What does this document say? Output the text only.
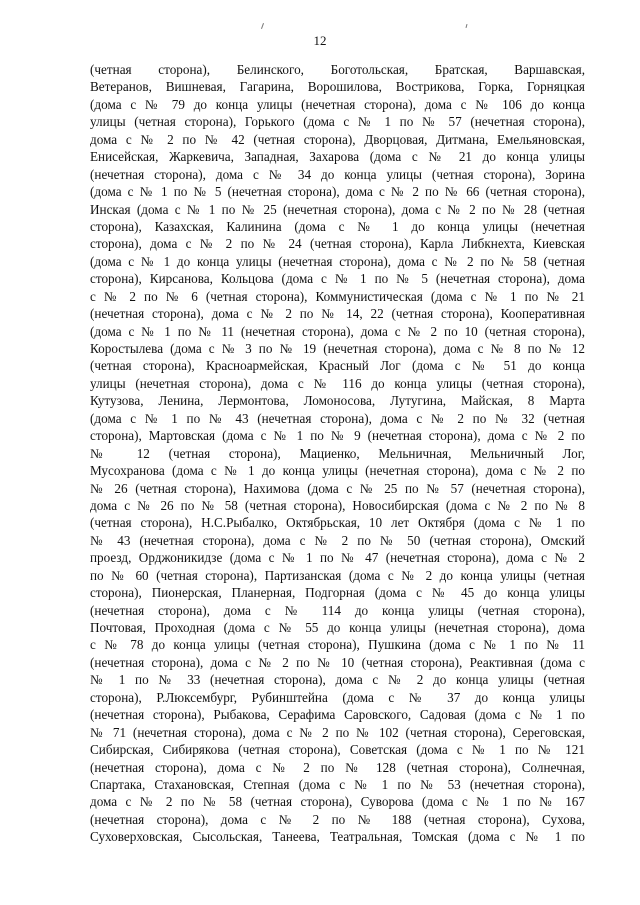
12
(четная сторона), Белинского, Боготольская, Братская, Варшавская,
Ветеранов, Вишневая, Гагарина, Ворошилова, Вострикова, Горка, Горняцкая
(дома с № 79 до конца улицы (нечетная сторона), дома с № 106 до конца
улицы (четная сторона), Горького (дома с № 1 по № 57 (нечетная сторона),
дома с № 2 по № 42 (четная сторона), Дворцовая, Дитмана, Емельяновская,
Енисейская, Жаркевича, Западная, Захарова (дома с № 21 до конца улицы
(нечетная сторона), дома с № 34 до конца улицы (четная сторона), Зорина
(дома с № 1 по № 5 (нечетная сторона), дома с № 2 по № 66 (четная сторона),
Инская (дома с № 1 по № 25 (нечетная сторона), дома с № 2 по № 28 (четная
сторона), Казахская, Калинина (дома с № 1 до конца улицы (нечетная
сторона), дома с № 2 по № 24 (четная сторона), Карла Либкнехта, Киевская
(дома с № 1 до конца улицы (нечетная сторона), дома с № 2 по № 58 (четная
сторона), Кирсанова, Кольцова (дома с № 1 по № 5 (нечетная сторона), дома
с № 2 по № 6 (четная сторона), Коммунистическая (дома с № 1 по № 21
(нечетная сторона), дома с № 2 по № 14, 22 (четная сторона), Кооперативная
(дома с № 1 по № 11 (нечетная сторона), дома с № 2 по 10 (четная сторона),
Коростылева (дома с № 3 по № 19 (нечетная сторона), дома с № 8 по № 12
(четная сторона), Красноармейская, Красный Лог (дома с № 51 до конца
улицы (нечетная сторона), дома с № 116 до конца улицы (четная сторона),
Кутузова, Ленина, Лермонтова, Ломоносова, Лутугина, Майская, 8 Марта
(дома с № 1 по № 43 (нечетная сторона), дома с № 2 по № 32 (четная
сторона), Мартовская (дома с № 1 по № 9 (нечетная сторона), дома с № 2 по
№ 12 (четная сторона), Мациенко, Мельничная, Мельничный Лог,
Мусохранова (дома с № 1 до конца улицы (нечетная сторона), дома с № 2 по
№ 26 (четная сторона), Нахимова (дома с № 25 по № 57 (нечетная сторона),
дома с № 26 по № 58 (четная сторона), Новосибирская (дома с № 2 по № 8
(четная сторона), Н.С.Рыбалко, Октябрьская, 10 лет Октября (дома с № 1 по
№ 43 (нечетная сторона), дома с № 2 по № 50 (четная сторона), Омский
проезд, Орджоникидзе (дома с № 1 по № 47 (нечетная сторона), дома с № 2
по № 60 (четная сторона), Партизанская (дома с № 2 до конца улицы (четная
сторона), Пионерская, Планерная, Подгорная (дома с № 45 до конца улицы
(нечетная сторона), дома с № 114 до конца улицы (четная сторона),
Почтовая, Проходная (дома с № 55 до конца улицы (нечетная сторона), дома
с № 78 до конца улицы (четная сторона), Пушкина (дома с № 1 по № 11
(нечетная сторона), дома с № 2 по № 10 (четная сторона), Реактивная (дома с
№ 1 по № 33 (нечетная сторона), дома с № 2 до конца улицы (четная
сторона), Р.Люксембург, Рубинштейна (дома с № 37 до конца улицы
(нечетная сторона), Рыбакова, Серафима Саровского, Садовая (дома с № 1 по
№ 71 (нечетная сторона), дома с № 2 по № 102 (четная сторона), Сереговская,
Сибирская, Сибирякова (четная сторона), Советская (дома с № 1 по № 121
(нечетная сторона), дома с № 2 по № 128 (четная сторона), Солнечная,
Спартака, Стахановская, Степная (дома с № 1 по № 53 (нечетная сторона),
дома с № 2 по № 58 (четная сторона), Суворова (дома с № 1 по № 167
(нечетная сторона), дома с № 2 по № 188 (четная сторона), Сухова,
Суховерховская, Сысольская, Танеева, Театральная, Томская (дома с № 1 по
